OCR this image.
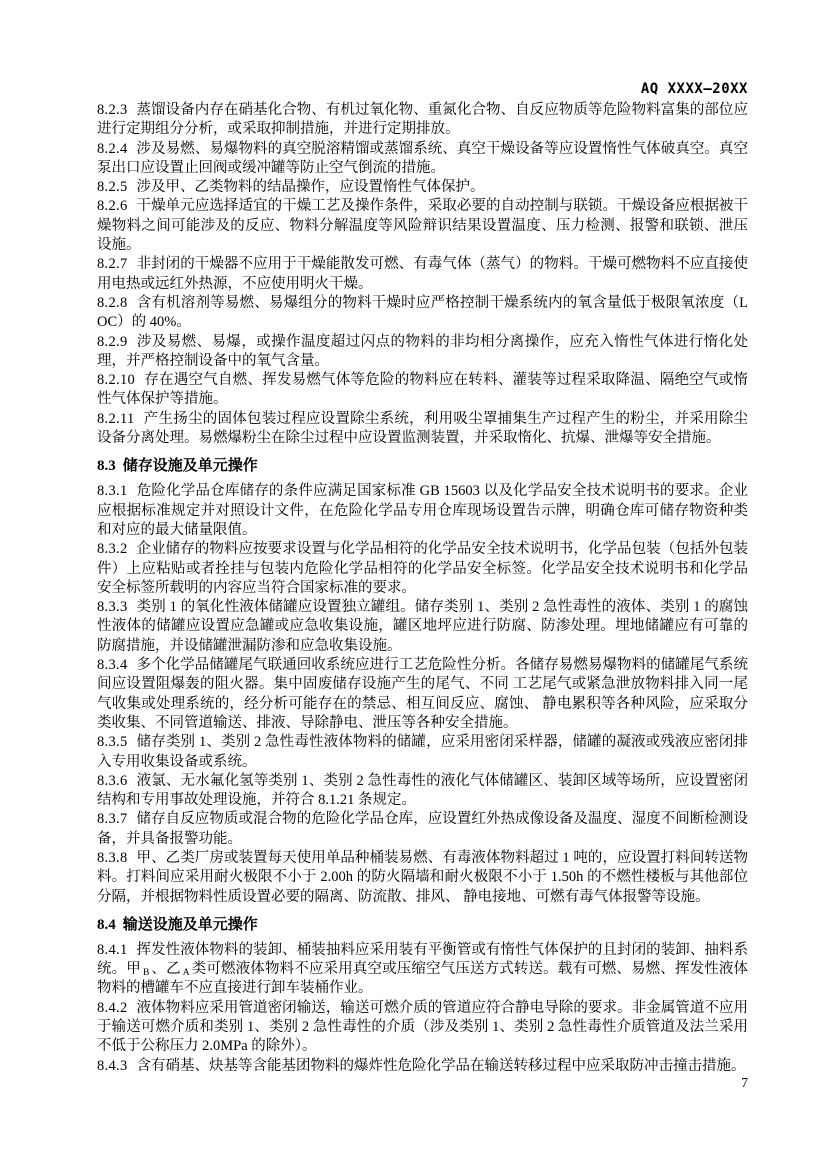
AQ XXXX—20XX

8.2.3 蒸馏设备内存在硝基化合物、有机过氧化物、重氮化合物、自反应物质等危险物料富集的部位应进行定期组分分析，或采取抑制措施，并进行定期排放。

8.2.4 涉及易燃、易爆物料的真空脱溶精馏或蒸馏系统、真空干燥设备等应设置惰性气体破真空。真空泵出口应设置止回阀或缓冲罐等防止空气倒流的措施。

8.2.5 涉及甲、乙类物料的结晶操作，应设置惰性气体保护。

8.2.6 干燥单元应选择适宜的干燥工艺及操作条件，采取必要的自动控制与联锁。干燥设备应根据被干燥物料之间可能涉及的反应、物料分解温度等风险辩识结果设置温度、压力检测、报警和联锁、泄压设施。

8.2.7 非封闭的干燥器不应用于干燥能散发可燃、有毒气体（蒸气）的物料。干燥可燃物料不应直接使用电热或远红外热源，不应使用明火干燥。

8.2.8 含有机溶剂等易燃、易爆组分的物料干燥时应严格控制干燥系统内的氧含量低于极限氧浓度（LOC）的 40%。

8.2.9 涉及易燃、易爆，或操作温度超过闪点的物料的非均相分离操作，应充入惰性气体进行惰化处理，并严格控制设备中的氧气含量。

8.2.10 存在遇空气自燃、挥发易燃气体等危险的物料应在转料、灌装等过程采取降温、隔绝空气或惰性气体保护等措施。

8.2.11 产生扬尘的固体包装过程应设置除尘系统，利用吸尘罩捕集生产过程产生的粉尘，并采用除尘设备分离处理。易燃爆粉尘在除尘过程中应设置监测装置，并采取惰化、抗爆、泄爆等安全措施。

8.3 储存设施及单元操作

8.3.1 危险化学品仓库储存的条件应满足国家标准 GB 15603 以及化学品安全技术说明书的要求。企业应根据标准规定并对照设计文件，在危险化学品专用仓库现场设置告示牌，明确仓库可储存物资种类和对应的最大储量限值。

8.3.2 企业储存的物料应按要求设置与化学品相符的化学品安全技术说明书，化学品包装（包括外包装件）上应粘贴或者拴挂与包装内危险化学品相符的化学品安全标签。化学品安全技术说明书和化学品安全标签所载明的内容应当符合国家标准的要求。

8.3.3 类别 1 的氧化性液体储罐应设置独立罐组。储存类别 1、类别 2 急性毒性的液体、类别 1 的腐蚀性液体的储罐应设置应急罐或应急收集设施，罐区地坪应进行防腐、防渗处理。埋地储罐应有可靠的防腐措施，并设储罐泄漏防渗和应急收集设施。

8.3.4 多个化学品储罐尾气联通回收系统应进行工艺危险性分析。各储存易燃易爆物料的储罐尾气系统间应设置阻爆轰的阻火器。集中固废储存设施产生的尾气、不同 工艺尾气或紧急泄放物料排入同一尾气收集或处理系统的，经分析可能存在的禁忌、相互间反应、腐蚀、 静电累积等各种风险，应采取分类收集、不同管道输送、排液、导除静电、泄压等各种安全措施。

8.3.5 储存类别 1、类别 2 急性毒性液体物料的储罐，应采用密闭采样器，储罐的凝液或残液应密闭排入专用收集设备或系统。

8.3.6 液氯、无水氟化氢等类别 1、类别 2 急性毒性的液化气体储罐区、装卸区域等场所，应设置密闭结构和专用事故处理设施，并符合 8.1.21 条规定。

8.3.7 储存自反应物质或混合物的危险化学品仓库，应设置红外热成像设备及温度、湿度不间断检测设备，并具备报警功能。

8.3.8 甲、乙类厂房或装置每天使用单品种桶装易燃、有毒液体物料超过 1 吨的，应设置打料间转送物料。打料间应采用耐火极限不小于 2.00h 的防火隔墙和耐火极限不小于 1.50h 的不燃性楼板与其他部位分隔，并根据物料性质设置必要的隔离、防流散、排风、 静电接地、可燃有毒气体报警等设施。

8.4 输送设施及单元操作

8.4.1 挥发性液体物料的装卸、桶装抽料应采用装有平衡管或有惰性气体保护的且封闭的装卸、抽料系统。甲 $_B$ 、乙 $_A$ 类可燃液体物料不应采用真空或压缩空气压送方式转送。载有可燃、易燃、挥发性液体物料的槽罐车不应直接进行卸车装桶作业。

8.4.2 液体物料应采用管道密闭输送，输送可燃介质的管道应符合静电导除的要求。非金属管道不应用于输送可燃介质和类别 1、类别 2 急性毒性的介质（涉及类别 1、类别 2 急性毒性介质管道及法兰采用不低于公称压力 2.0MPa 的除外）。

8.4.3 含有硝基、炔基等含能基团物料的爆炸性危险化学品在输送转移过程中应采取防冲击撞击措施。

7
